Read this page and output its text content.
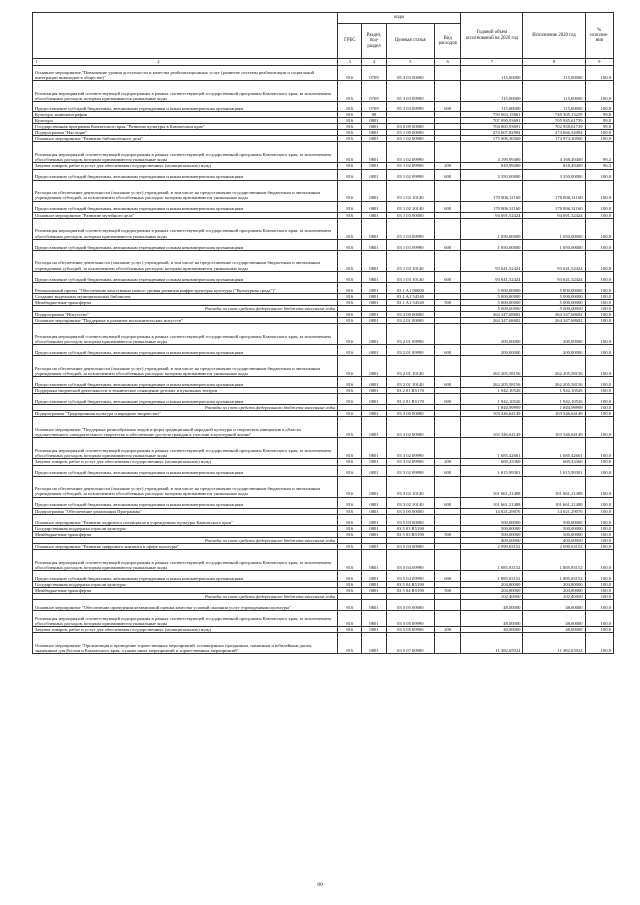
	коды				Годовой объем ассигнований на 2020 год	Исполнение 2020 год	% исполне-ния
	ГРБС	Раздел, под-раздел	Целевая статья	Вид расходов			
1 2	3	4	5	6	7	8	9
Основное мероприятие "Повышение уровня доступности и качества реабилитационных услуг (развитие системы реабилитации и социальной интеграции инвалидов в обществе)"	816	0709	05 3 03 00000		115,00000	115,00000	100,0
Реализация мероприятий соответствующей подпрограммы в рамках соответствующей государственной программы Камчатского края, за исключением обособленных расходов, которым присваиваются уникальные коды	816	0709	05 3 03 09990		115,00000	115,00000	100,0
Предоставление субсидий бюджетным, автономным учреждениям и иным некоммерческим организациям	816	0709	05 3 03 09990	600	115,00000	115,00000	100,0
Культура, кинематография	816	08			750 663,15861	749 305,13259	99,8
Культура	816	0801			707 090,93691	705 945,61739	99,8
Государственная программа Камчатского края "Развитие культуры в Камчатском крае"	816	0801	03 0 00 00000		704 065,93691	702 958,61739	99,8
Подпрограмма "Наследие"	816	0801	03 1 00 00000		274 607,82984	274 666,32084	100,0
Основное мероприятие "Развитие библиотечного дела"	816	0801	03 1 02 00000		175 006,30560	174 974,30560	100,0
Реализация мероприятий соответствующей подпрограммы в рамках соответствующей государственной программы Камчатского края, за исключением обособленных расходов, которым присваиваются уникальные коды	816	0801	03 1 02 09990		4 199,99400	4 168,49400	99,2
Закупка товаров, работ и услуг для обеспечения государственных (муниципальных) нужд	816	0801	03 1 02 09990	200	849,99400	818,49400	96,3
Предоставление субсидий бюджетным, автономным учреждениям и иным некоммерческим организациям	816	0801	03 1 02 09990	600	3 350,00000	3 350,00000	100,0
Расходы на обеспечение деятельности (оказание услуг) учреждений, в том числе на предоставление государственным бюджетным и автономным учреждениям субсидий, за исключением обособленных расходов, которым присваиваются уникальные коды	816	0801	03 1 02 10140		170 806,31160	170 806,31160	100,0
Предоставление субсидий бюджетным, автономным учреждениям и иным некоммерческим организациям	816	0801	03 1 02 10140	600	170 806,31160	170 806,31160	100,0
Основное мероприятие "Развитие музейного дела"	816	0801	03 1 03 00000		94 691,52424	94 691,52424	100,0
Реализация мероприятий соответствующей подпрограммы в рамках соответствующей государственной программы Камчатского края, за исключением обособленных расходов, которым присваиваются уникальные коды	816	0801	03 1 03 09990		1 050,00000	1 050,00000	100,0
Предоставление субсидий бюджетным, автономным учреждениям и иным некоммерческим организациям	816	0801	03 1 03 09990	600	1 050,00000	1 050,00000	100,0
Расходы на обеспечение деятельности (оказание услуг) учреждений, в том числе на предоставление государственным бюджетным и автономным учреждениям субсидий, за исключением обособленных расходов, которым присваиваются уникальные коды	816	0801	03 1 03 10140		93 641,52424	93 641,52424	100,0
Предоставление субсидий бюджетным, автономным учреждениям и иным некоммерческим организациям	816	0801	03 1 03 10140	600	93 641,52424	93 641,52424	100,0
Региональный проект "Обеспечение качественно нового уровня развития инфраструктуры культуры ("Культурная среда")"	816	0801	03 1 A1 00000		5 000,00000	5 000,00000	100,0
Создание модельных муниципальных библиотек	816	0801	03 1 A1 54540		5 000,00000	5 000,00000	100,0
Межбюджетные трансферты	816	0801	03 1 A1 54540	500	5 000,00000	5 000,00000	100,0
Расходы за счет средств федерального бюджета внесенные годы					5 000,00000	5 000,00000	100,0
Подпрограмма "Искусство"	816	0801	03 2 00 00000		264 347,68682	264 347,68682	100,0
Основное мероприятие "Поддержка и развитие исполнительских искусств"	816	0801	03 2 01 00000		264 347,68682	264 347,68682	100,0
Реализация мероприятий соответствующей подпрограммы в рамках соответствующей государственной программы Камчатского края, за исключением обособленных расходов, которым присваиваются уникальные коды	816	0801	03 2 01 09990		200,00000	200,00000	100,0
Предоставление субсидий бюджетным, автономным учреждениям и иным некоммерческим организациям	816	0801	03 2 01 09990	600	200,00000	200,00000	100,0
Расходы на обеспечение деятельности (оказание услуг) учреждений, в том числе на предоставление государственным бюджетным и автономным учреждениям субсидий, за исключением обособленных расходов, которым присваиваются уникальные коды	816	0801	03 2 01 10140		262 205,58156	262 205,58156	100,0
Предоставление субсидий бюджетным, автономным учреждениям и иным некоммерческим организациям	816	0801	03 2 01 10140	600	262 205,58156	262 205,58156	100,0
Поддержка творческой деятельности и техническое оснащение детских и кукольных театров	816	0801	03 2 01 R5170		1 942,10526	1 942,10526	100,0
Предоставление субсидий бюджетным, автономным учреждениям и иным некоммерческим организациям	816	0801	03 2 01 R5170	600	1 942,10526	1 942,10526	100,0
Расходы за счет средств федерального бюджета внесенные годы					1 844,99999	1 844,99999	100,0
Подпрограмма "Традиционная культура и народное творчество"	816	0801	03 3 00 00000		103 346,64149	103 346,64149	100,0
Основное мероприятие "Поддержка разнообразных видов и форм традиционной народной культуры и творческих инициатив в области художественного самодеятельного творчества и обеспечение доступа граждан к участию в культурной жизни"	816	0801	03 3 02 00000		103 346,64149	103 346,64149	100,0
Реализация мероприятий соответствующей подпрограммы в рамках соответствующей государственной программы Камчатского края, за исключением обособленных расходов, которым присваиваются уникальные коды	816	0801	03 3 02 09990		1 685,42661	1 685,42661	100,0
Закупка товаров, работ и услуг для обеспечения государственных (муниципальных) нужд	816	0801	03 3 02 09990	200	669,43360	669,43360	100,0
Предоставление субсидий бюджетным, автономным учреждениям и иным некоммерческим организациям	816	0801	03 3 02 09990	600	1 015,99301	1 015,99301	100,0
Расходы на обеспечение деятельности (оказание услуг) учреждений, в том числе на предоставление государственным бюджетным и автономным учреждениям субсидий, за исключением обособленных расходов, которым присваиваются уникальные коды	816	0801	03 3 02 10140		101 661,21488	101 661,21488	100,0
Предоставление субсидий бюджетным, автономным учреждениям и иным некоммерческим организациям	816	0801	03 3 02 10140	600	101 661,21488	101 661,21488	100,0
Подпрограмма "Обеспечение реализации Программы"	816	0801	03 5 00 00000		14 021,29076	14 021,29076	100,0
Основное мероприятие "Развитие кадрового потенциала в учреждениях культуры Камчатского края"	816	0801	03 5 03 00000		500,00000	500,00000	100,0
Государственная поддержка отрасли культуры	816	0801	03 5 03 R5190		500,00000	500,00000	100,0
Межбюджетные трансферты	816	0801	03 5 03 R5190	500	500,00000	500,00000	100,0
Расходы за счет средств федерального бюджета внесенные годы					400,00000	400,00000	100,0
Основное мероприятие "Развитие цифрового контента в сфере культуры"	816	0801	03 5 04 00000		2 090,63152	2 090,63152	100,0
Реализация мероприятий соответствующей подпрограммы в рамках соответствующей государственной программы Камчатского края, за исключением обособленных расходов, которым присваиваются уникальные коды	816	0801	03 5 04 09990		1 885,83152	1 885,83152	100,0
Предоставление субсидий бюджетным, автономным учреждениям и иным некоммерческим организациям	816	0801	03 5 04 09990	600	1 885,83152	1 885,83152	100,0
Государственная поддержка отрасли культуры	816	0801	03 5 04 R5190		204,80000	204,80000	100,0
Межбюджетные трансферты	816	0801	03 5 04 R5190	500	204,80000	204,80000	100,0
Расходы за счет средств федерального бюджета внесенные годы					102,40000	102,40000	100,0
Основное мероприятие "Обеспечение проведения независимой оценки качества условий оказания услуг учреждениями культуры"	816	0801	03 5 05 00000		48,00000	48,00000	100,0
Реализация мероприятий соответствующей подпрограммы в рамках соответствующей государственной программы Камчатского края, за исключением обособленных расходов, которым присваиваются уникальные коды	816	0801	03 5 05 09990		48,00000	48,00000	100,0
Закупка товаров, работ и услуг для обеспечения государственных (муниципальных) нужд	816	0801	03 5 05 09990	200	48,00000	48,00000	100,0
Основное мероприятие "Организация и проведение торжественных мероприятий, посвященных праздникам, памятным и юбилейным датам, знаменным для России и Камчатского края, а также иных мероприятий и торжественных мероприятий"	816	0801	03 5 07 00000		11 382,65924	11 382,65924	100,0
80
